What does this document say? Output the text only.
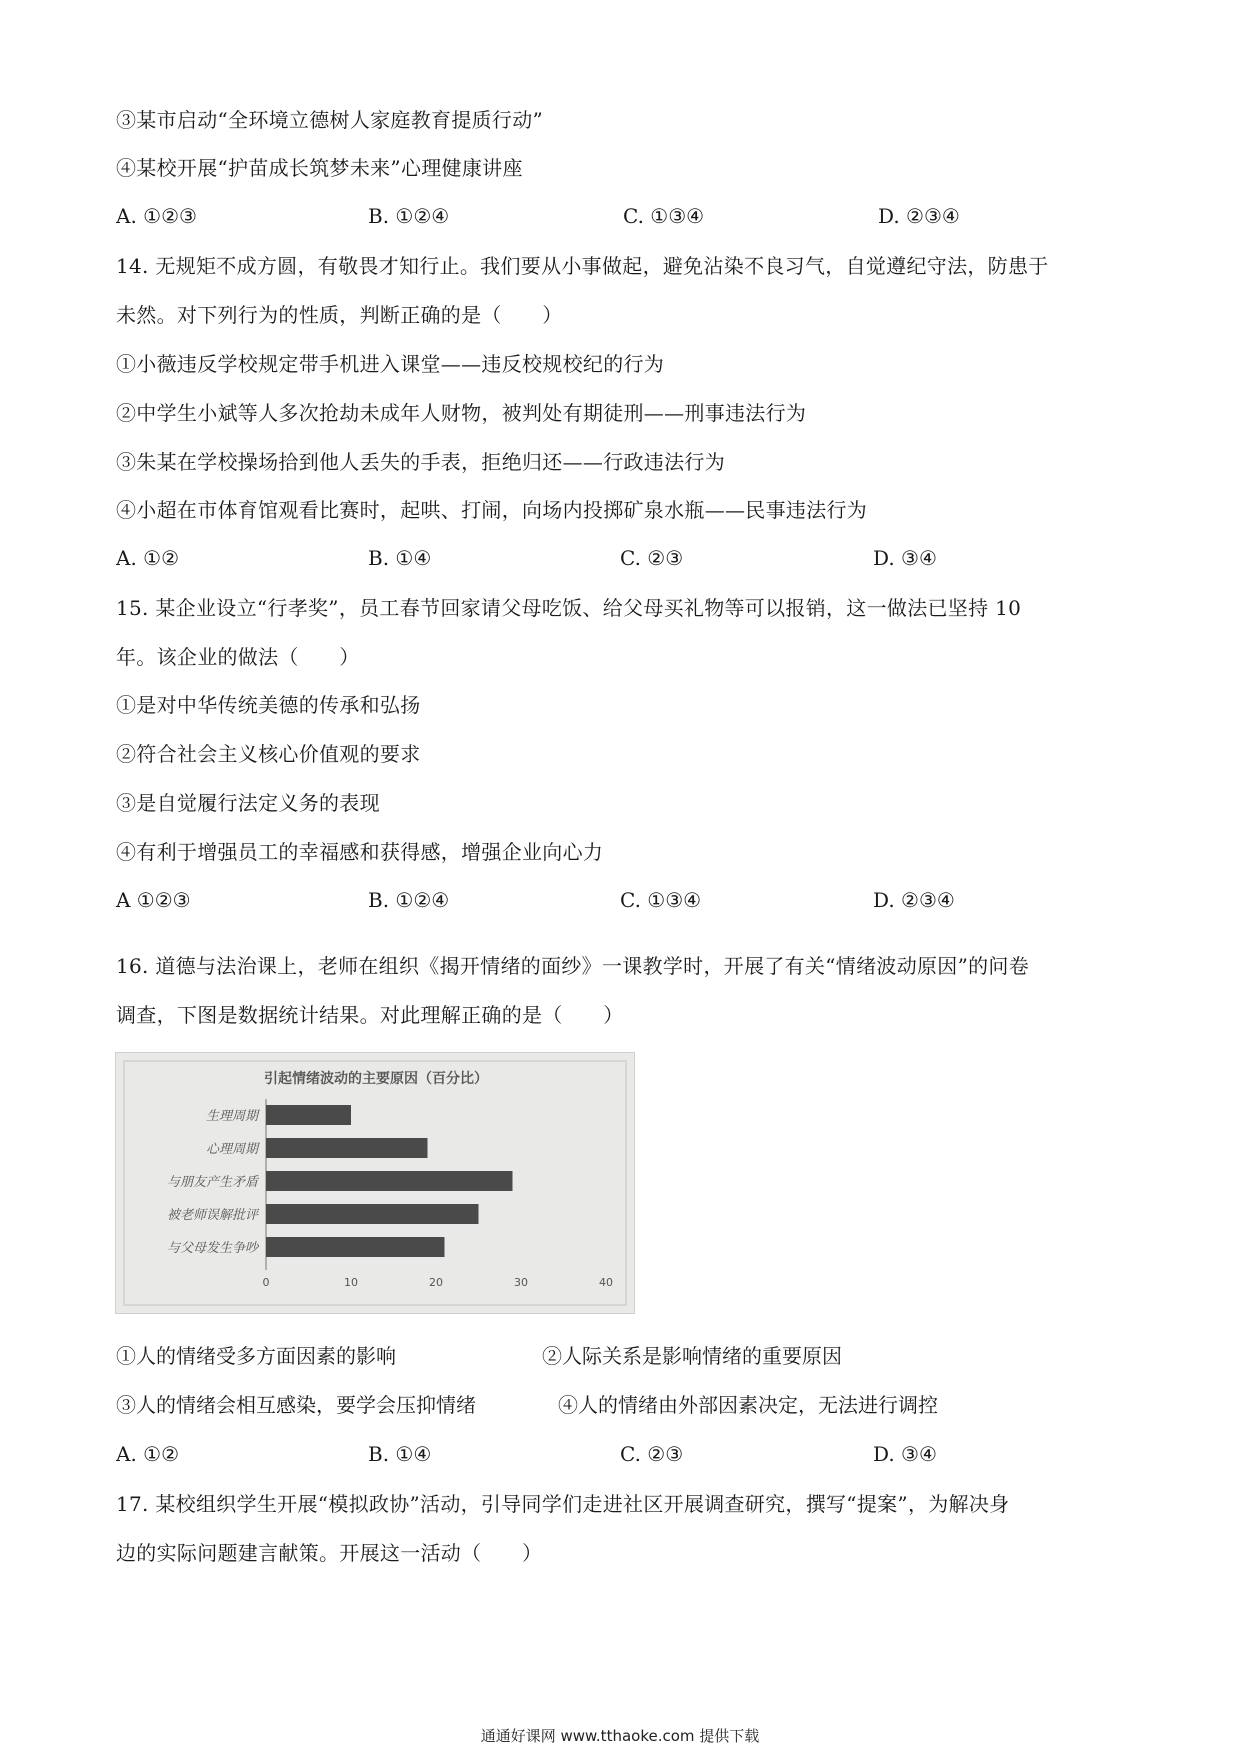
③某市启动“全环境立德树人家庭教育提质行动”
④某校开展“护苗成长筑梦未来”心理健康讲座
A. ①②③	B. ①②④	C. ①③④	D. ②③④
14. 无规矩不成方圆，有敬畏才知行止。我们要从小事做起，避免沾染不良习气，自觉遵纪守法，防患于
未然。对下列行为的性质，判断正确的是（　　）
①小薇违反学校规定带手机进入课堂——违反校规校纪的行为
②中学生小斌等人多次抢劫未成年人财物，被判处有期徒刑——刑事违法行为
③朱某在学校操场拾到他人丢失的手表，拒绝归还——行政违法行为
④小超在市体育馆观看比赛时，起哄、打闹，向场内投掷矿泉水瓶——民事违法行为
A. ①②	B. ①④	C. ②③	D. ③④
15. 某企业设立“行孝奖”，员工春节回家请父母吃饭、给父母买礼物等可以报销，这一做法已坚持 10
年。该企业的做法（　　）
①是对中华传统美德的传承和弘扬
②符合社会主义核心价值观的要求
③是自觉履行法定义务的表现
④有利于增强员工的幸福感和获得感，增强企业向心力
A ①②③	B. ①②④	C. ①③④	D. ②③④
16. 道德与法治课上，老师在组织《揭开情绪的面纱》一课教学时，开展了有关“情绪波动原因”的问卷
调查，下图是数据统计结果。对此理解正确的是（　　）
引起情绪波动的主要原因（百分比）
生理周期
心理周期
与朋友产生矛盾
被老师误解批评
与父母发生争吵
0	10	20	30	40
①人的情绪受多方面因素的影响	②人际关系是影响情绪的重要原因
③人的情绪会相互感染，要学会压抑情绪	④人的情绪由外部因素决定，无法进行调控
A. ①②	B. ①④	C. ②③	D. ③④
17. 某校组织学生开展“模拟政协”活动，引导同学们走进社区开展调查研究，撰写“提案”，为解决身
边的实际问题建言献策。开展这一活动（　　）
通通好课网 www.tthaoke.com 提供下载
